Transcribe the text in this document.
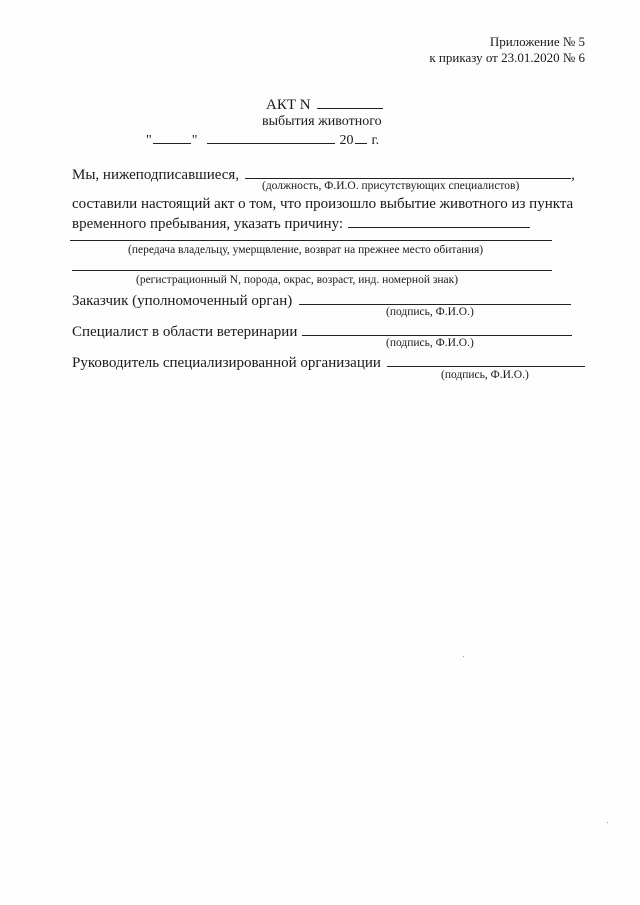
Приложение № 5
к приказу от 23.01.2020 № 6
АКТ N
выбытия животного
"	"	20 г.
Мы, нижеподписавшиеся,	,
(должность, Ф.И.О. присутствующих специалистов)
составили настоящий акт о том, что произошло выбытие животного из пункта
временного пребывания, указать причину:
(передача владельцу, умерщвление, возврат на прежнее место обитания)
(регистрационный N, порода, окрас, возраст, инд. номерной знак)
Заказчик (уполномоченный орган)
(подпись, Ф.И.О.)
Специалист в области ветеринарии
(подпись, Ф.И.О.)
Руководитель специализированной организации
(подпись, Ф.И.О.)
